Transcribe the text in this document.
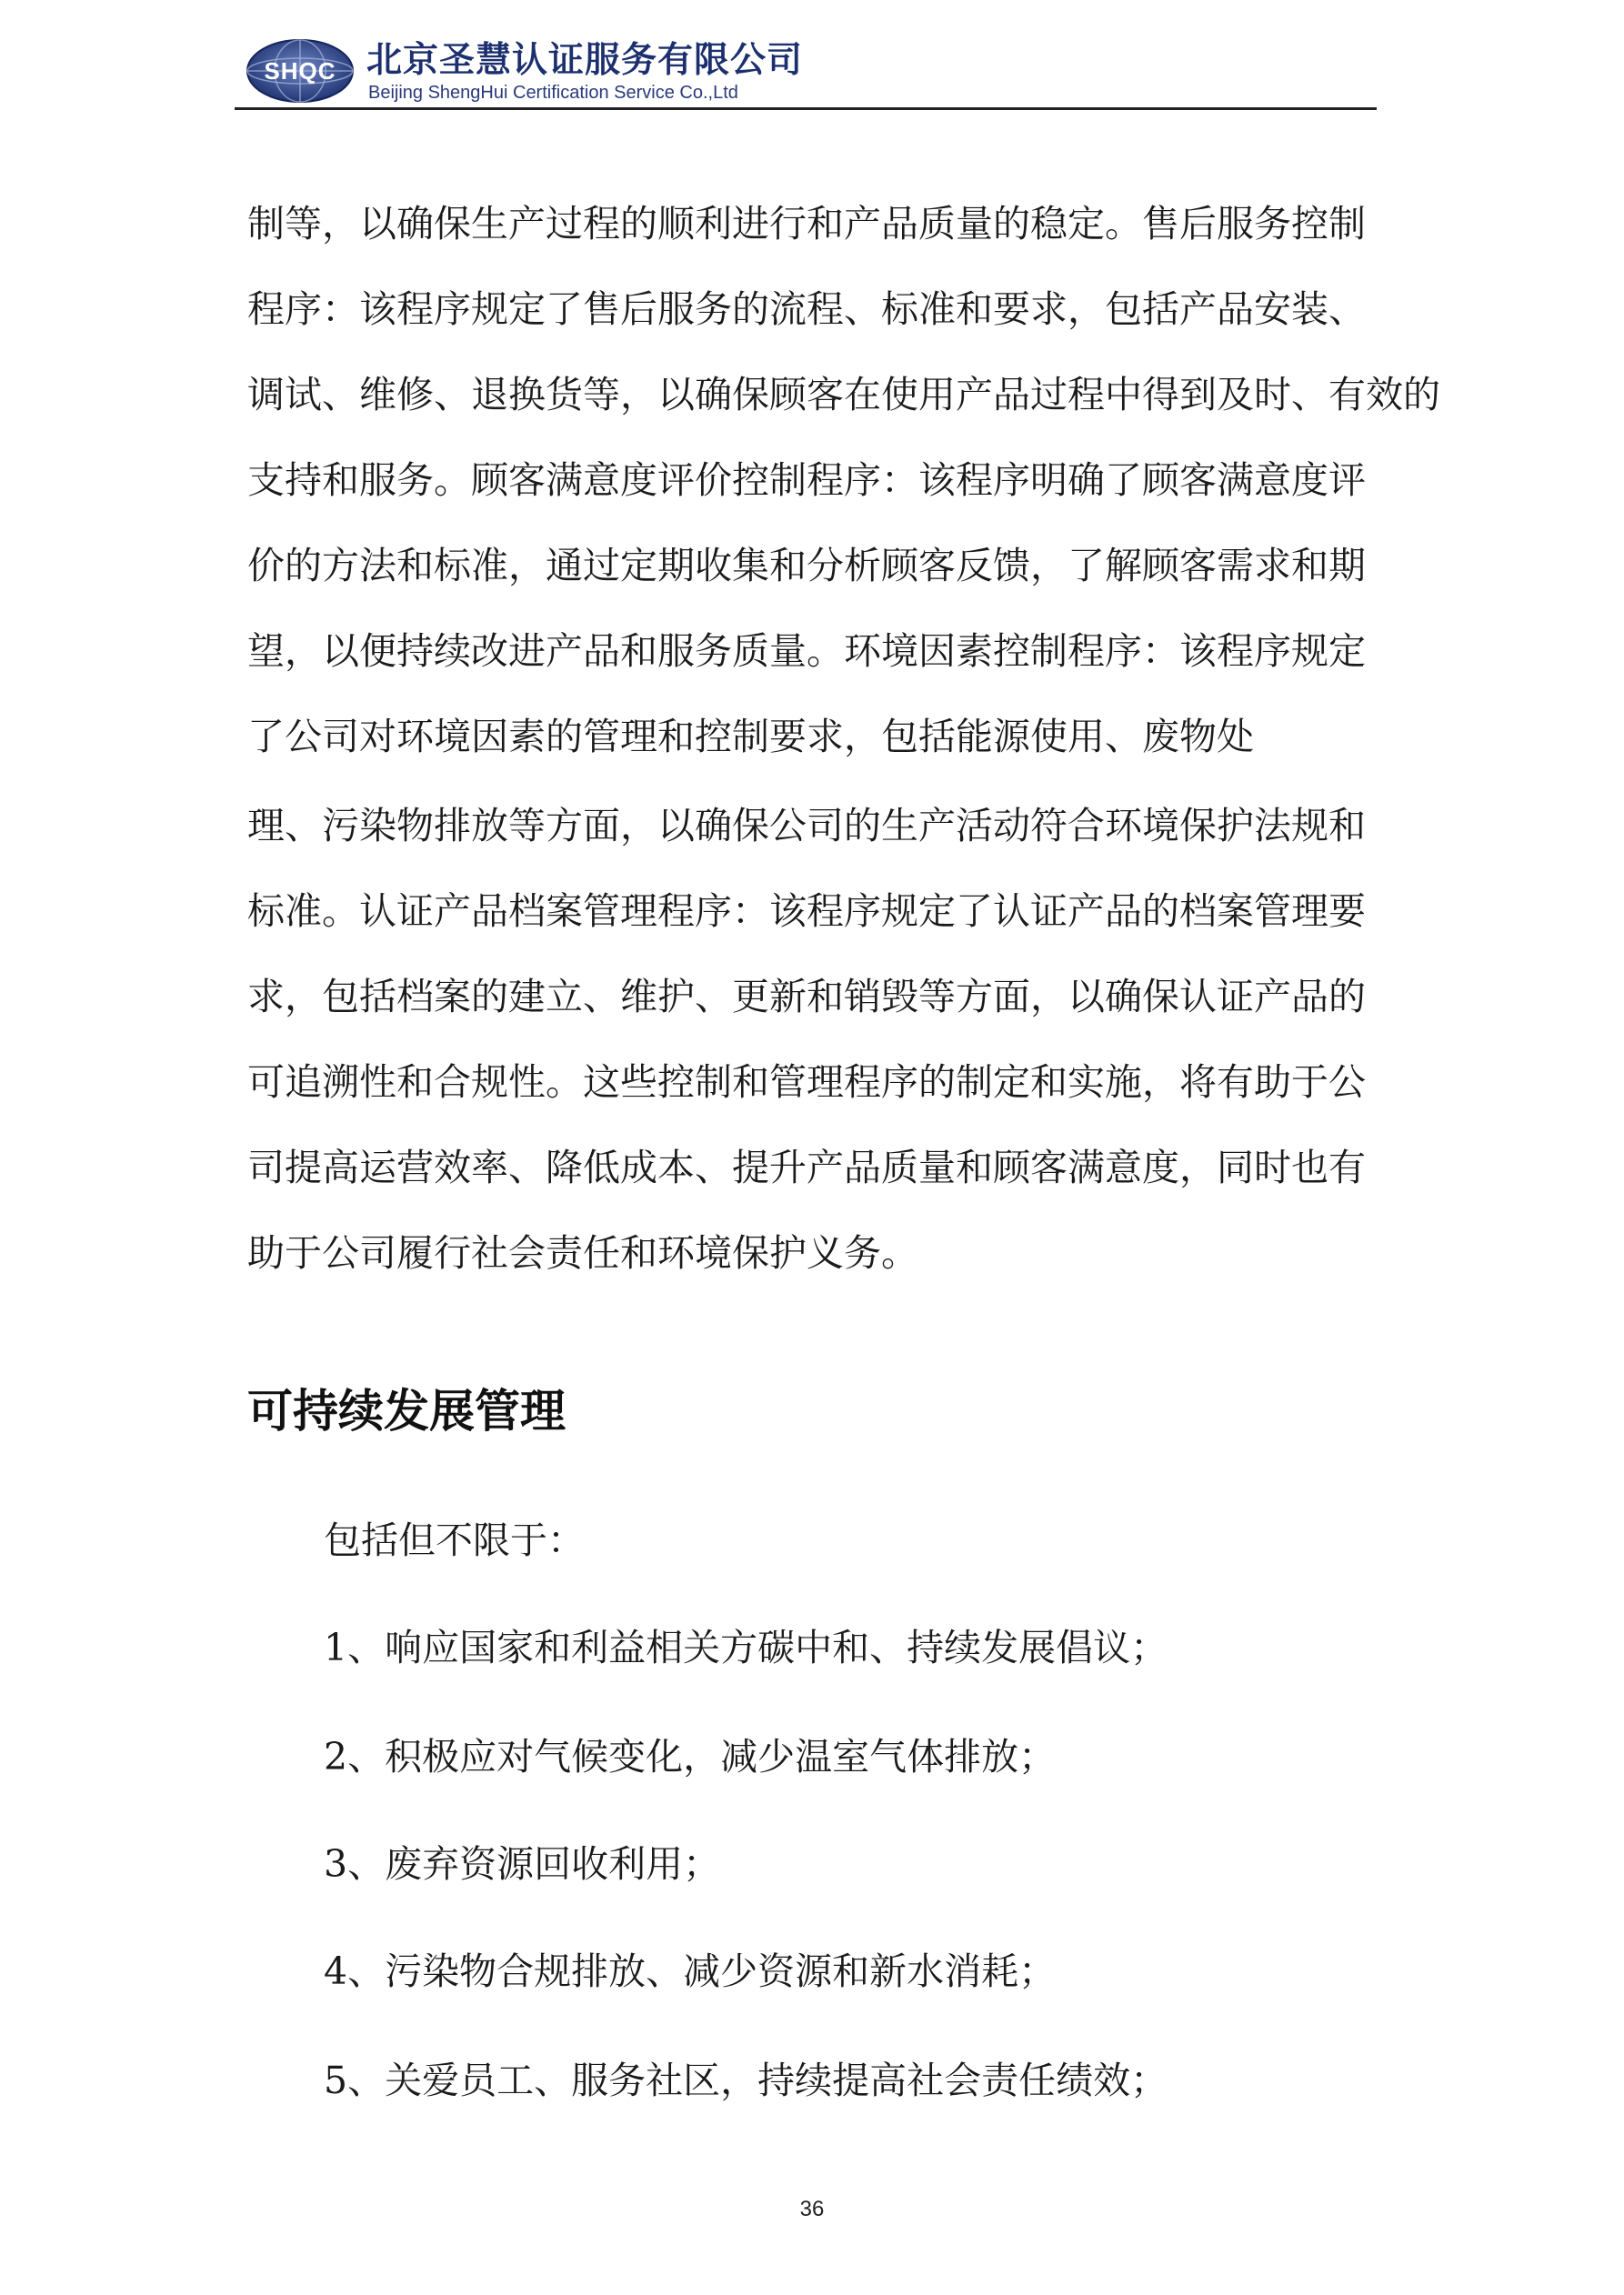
SHQC 北京圣慧认证服务有限公司
Beijing ShengHui Certification Service Co.,Ltd
制等，以确保生产过程的顺利进行和产品质量的稳定。售后服务控制
程序：该程序规定了售后服务的流程、标准和要求，包括产品安装、
调试、维修、退换货等，以确保顾客在使用产品过程中得到及时、有效的
支持和服务。顾客满意度评价控制程序：该程序明确了顾客满意度评
价的方法和标准，通过定期收集和分析顾客反馈，了解顾客需求和期
望，以便持续改进产品和服务质量。环境因素控制程序：该程序规定
了公司对环境因素的管理和控制要求，包括能源使用、废物处
理、污染物排放等方面，以确保公司的生产活动符合环境保护法规和
标准。认证产品档案管理程序：该程序规定了认证产品的档案管理要
求，包括档案的建立、维护、更新和销毁等方面，以确保认证产品的
可追溯性和合规性。这些控制和管理程序的制定和实施，将有助于公
司提高运营效率、降低成本、提升产品质量和顾客满意度，同时也有
助于公司履行社会责任和环境保护义务。
可持续发展管理
包括但不限于：
1、响应国家和利益相关方碳中和、持续发展倡议；
2、积极应对气候变化，减少温室气体排放；
3、废弃资源回收利用；
4、污染物合规排放、减少资源和新水消耗；
5、关爱员工、服务社区，持续提高社会责任绩效；
36
